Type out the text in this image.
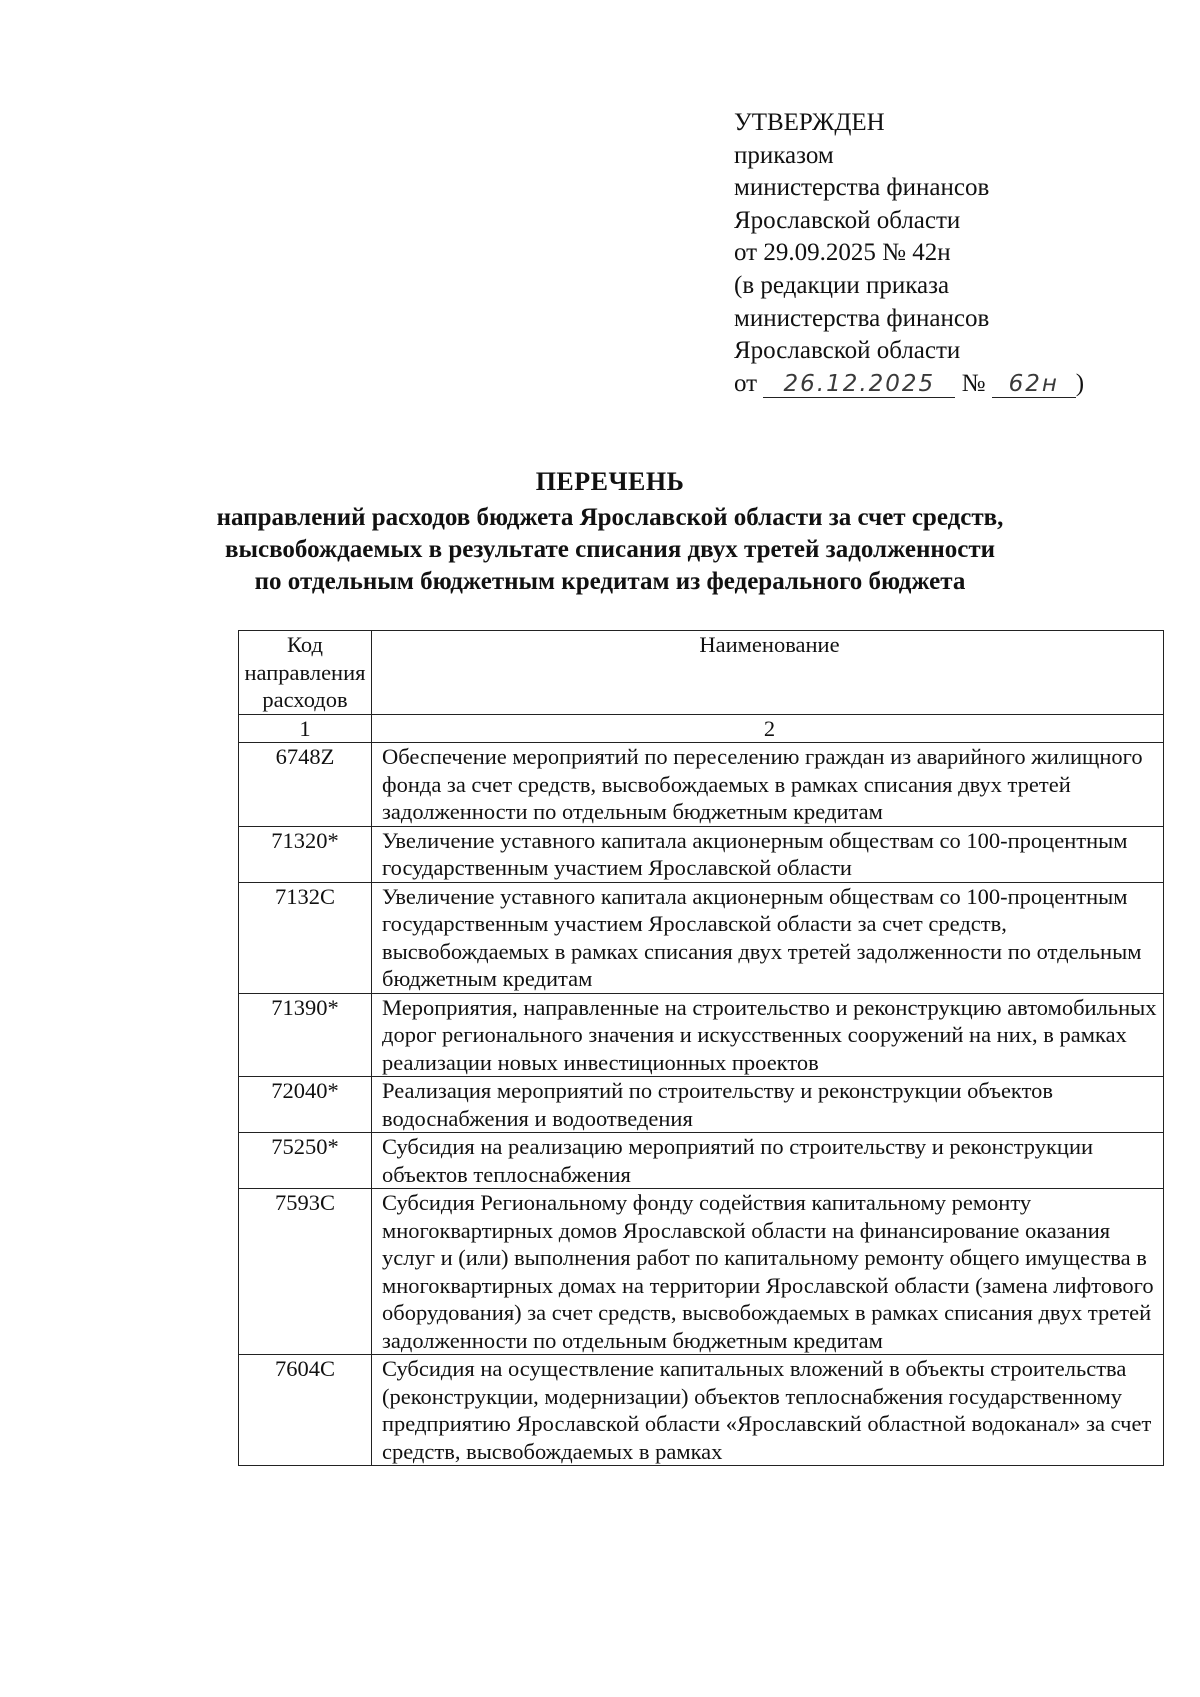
УТВЕРЖДЕН
приказом
министерства финансов
Ярославской области
от 29.09.2025 № 42н
(в редакции приказа
министерства финансов
Ярославской области
от 26.12.2025 № 62н )
ПЕРЕЧЕНЬ
направлений расходов бюджета Ярославской области за счет средств,
высвобождаемых в результате списания двух третей задолженности
по отдельным бюджетным кредитам из федерального бюджета
Код направления расходов	Наименование
1	2
6748Z	Обеспечение мероприятий по переселению граждан из аварийного жилищного фонда за счет средств, высвобождаемых в рамках списания двух третей задолженности по отдельным бюджетным кредитам
71320*	Увеличение уставного капитала акционерным обществам со 100-процентным государственным участием Ярославской области
7132С	Увеличение уставного капитала акционерным обществам со 100-процентным государственным участием Ярославской области за счет средств, высвобождаемых в рамках списания двух третей задолженности по отдельным бюджетным кредитам
71390*	Мероприятия, направленные на строительство и реконструкцию автомобильных дорог регионального значения и искусственных сооружений на них, в рамках реализации новых инвестиционных проектов
72040*	Реализация мероприятий по строительству и реконструкции объектов водоснабжения и водоотведения
75250*	Субсидия на реализацию мероприятий по строительству и реконструкции объектов теплоснабжения
7593С	Субсидия Региональному фонду содействия капитальному ремонту многоквартирных домов Ярославской области на финансирование оказания услуг и (или) выполнения работ по капитальному ремонту общего имущества в многоквартирных домах на территории Ярославской области (замена лифтового оборудования) за счет средств, высвобождаемых в рамках списания двух третей задолженности по отдельным бюджетным кредитам
7604С	Субсидия на осуществление капитальных вложений в объекты строительства (реконструкции, модернизации) объектов теплоснабжения государственному предприятию Ярославской области «Ярославский областной водоканал» за счет средств, высвобождаемых в рамках
